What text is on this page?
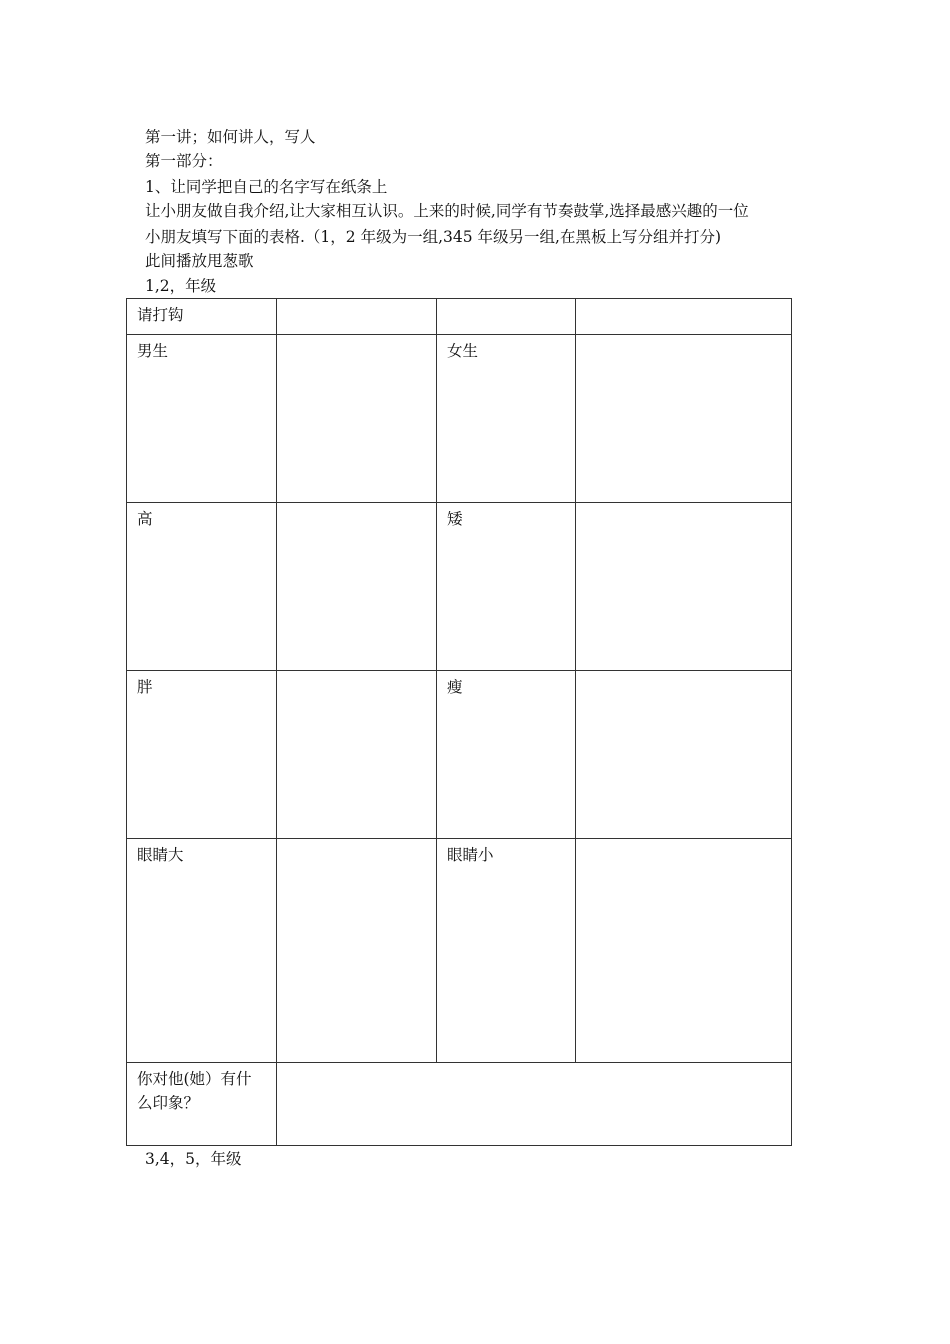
第一讲；如何讲人，写人
第一部分：
1、让同学把自己的名字写在纸条上
让小朋友做自我介绍,让大家相互认识。上来的时候,同学有节奏鼓掌,选择最感兴趣的一位
小朋友填写下面的表格.（1，2 年级为一组,345 年级另一组,在黑板上写分组并打分)
此间播放甩葱歌
1,2，年级
请打钩			
男生		女生	
高		矮	
胖		瘦	
眼睛大		眼睛小	
你对他(她）有什么印象？			
3,4，5，年级
